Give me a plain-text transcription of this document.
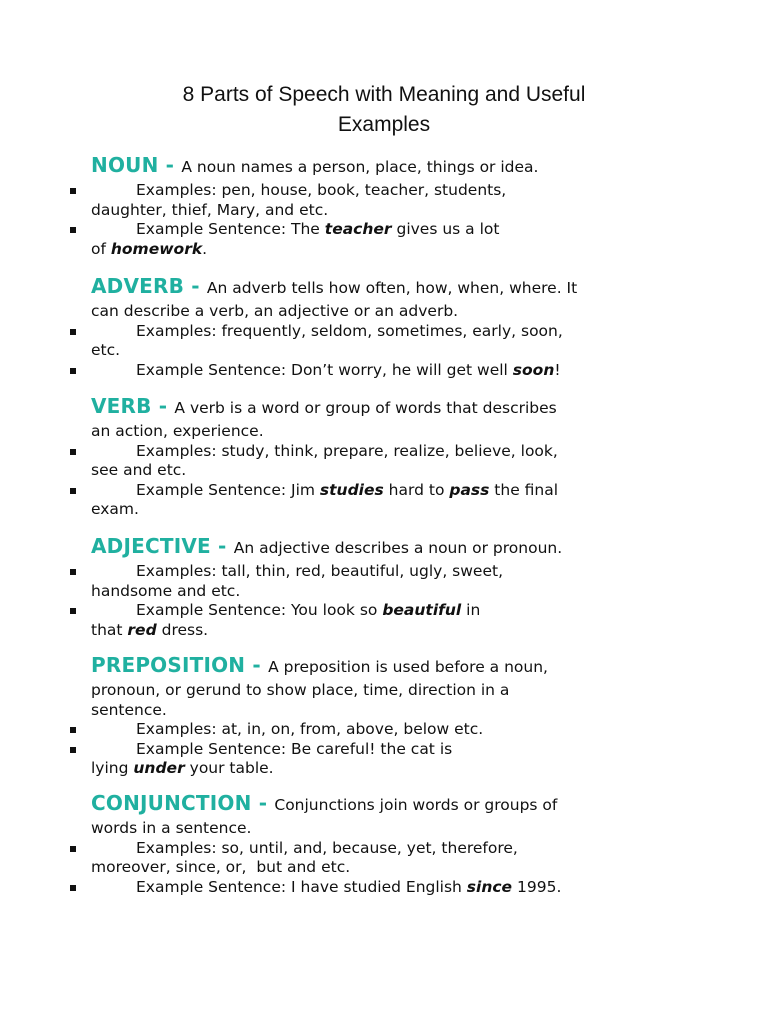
8 Parts of Speech with Meaning and Useful
Examples
NOUN - A noun names a person, place, things or idea.
Examples: pen, house, book, teacher, students,
daughter, thief, Mary, and etc.
Example Sentence: The teacher gives us a lot
of homework.
ADVERB - An adverb tells how often, how, when, where. It
can describe a verb, an adjective or an adverb.
Examples: frequently, seldom, sometimes, early, soon,
etc.
Example Sentence: Don’t worry, he will get well soon!
VERB - A verb is a word or group of words that describes
an action, experience.
Examples: study, think, prepare, realize, believe, look,
see and etc.
Example Sentence: Jim studies hard to pass the final
exam.
ADJECTIVE - An adjective describes a noun or pronoun.
Examples: tall, thin, red, beautiful, ugly, sweet,
handsome and etc.
Example Sentence: You look so beautiful in
that red dress.
PREPOSITION - A preposition is used before a noun,
pronoun, or gerund to show place, time, direction in a
sentence.
Examples: at, in, on, from, above, below etc.
Example Sentence: Be careful! the cat is
lying under your table.
CONJUNCTION - Conjunctions join words or groups of
words in a sentence.
Examples: so, until, and, because, yet, therefore,
moreover, since, or,  but and etc.
Example Sentence: I have studied English since 1995.
